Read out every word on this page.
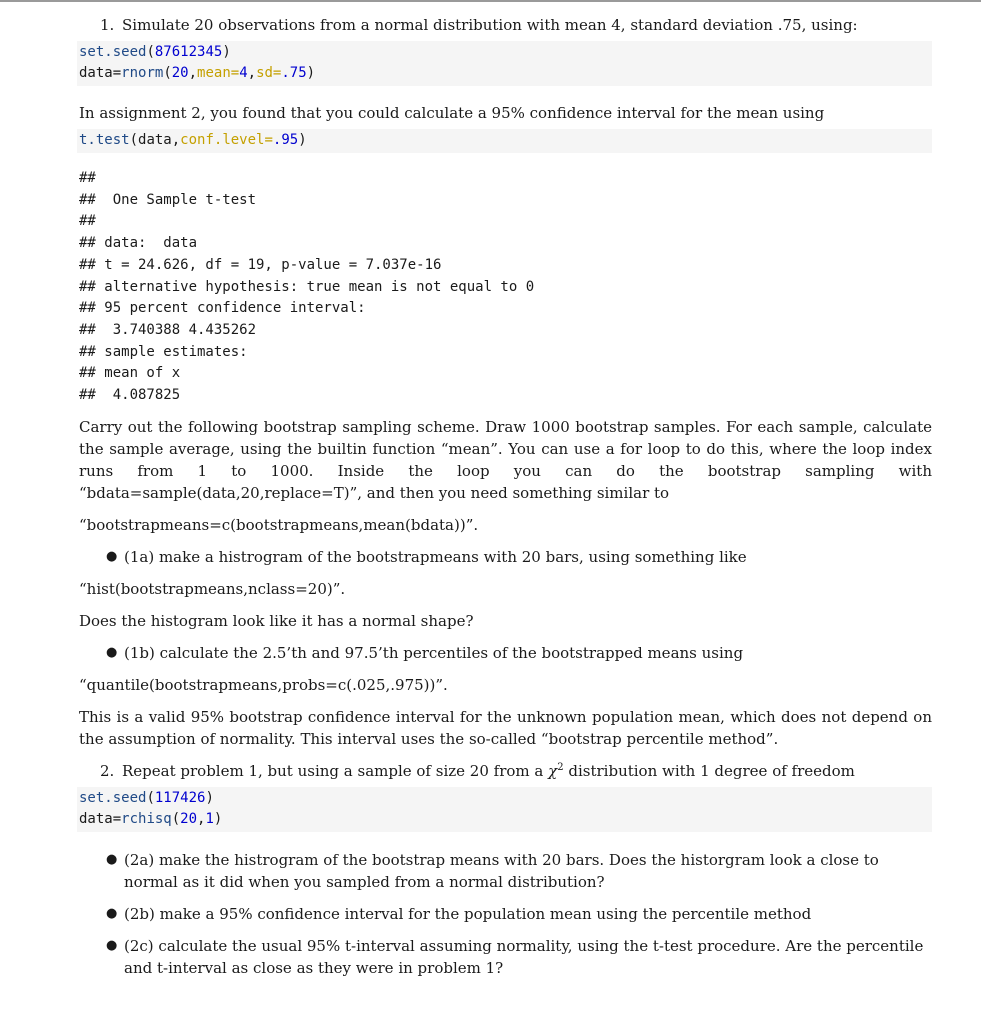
1. Simulate 20 observations from a normal distribution with mean 4, standard deviation .75, using:

set.seed(87612345)
data=rnorm(20,mean=4,sd=.75)

In assignment 2, you found that you could calculate a 95% confidence interval for the mean using

t.test(data,conf.level=.95)
##
##  One Sample t-test
##
## data:  data
## t = 24.626, df = 19, p-value = 7.037e-16
## alternative hypothesis: true mean is not equal to 0
## 95 percent confidence interval:
##  3.740388 4.435262
## sample estimates:
## mean of x
##  4.087825

Carry out the following bootstrap sampling scheme. Draw 1000 bootstrap samples. For each sample, calculate the sample average, using the builtin function “mean”. You can use a for loop to do this, where the loop index runs from 1 to 1000. Inside the loop you can do the bootstrap sampling with “bdata=sample(data,20,replace=T)”, and then you need something similar to

“bootstrapmeans=c(bootstrapmeans,mean(bdata))”.

● (1a) make a histrogram of the bootstrapmeans with 20 bars, using something like

“hist(bootstrapmeans,nclass=20)”.

Does the histogram look like it has a normal shape?

● (1b) calculate the 2.5’th and 97.5’th percentiles of the bootstrapped means using

“quantile(bootstrapmeans,probs=c(.025,.975))”.

This is a valid 95% bootstrap confidence interval for the unknown population mean, which does not depend on the assumption of normality. This interval uses the so-called “bootstrap percentile method”.

2. Repeat problem 1, but using a sample of size 20 from a $\chi^2$ distribution with 1 degree of freedom

set.seed(117426)
data=rchisq(20,1)
● (2a) make the histrogram of the bootstrap means with 20 bars. Does the historgram look a close to normal as it did when you sampled from a normal distribution?

● (2b) make a 95% confidence interval for the population mean using the percentile method

● (2c) calculate the usual 95% t-interval assuming normality, using the t-test procedure. Are the percentile and t-interval as close as they were in problem 1?
